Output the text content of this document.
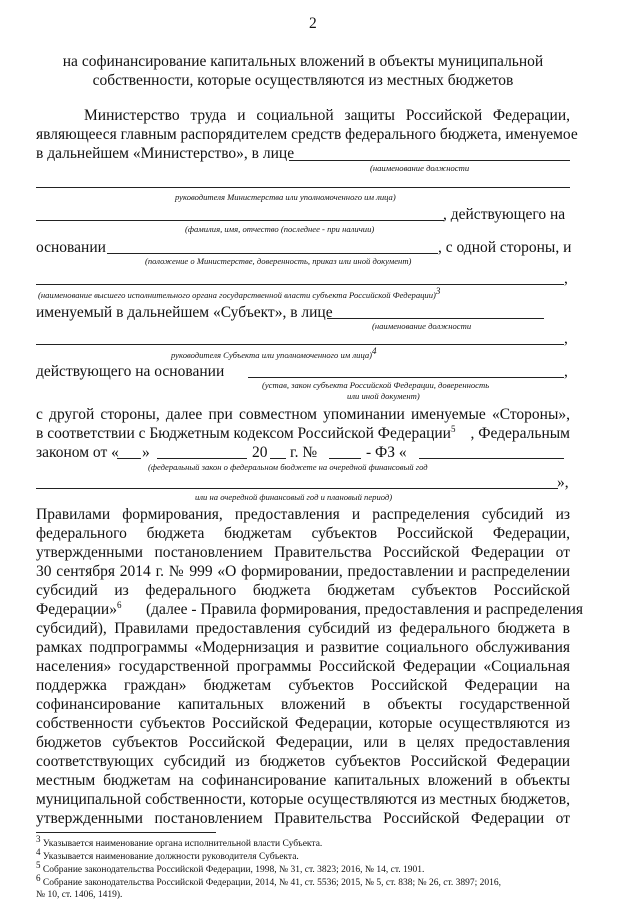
2
на софинансирование капитальных вложений в объекты муниципальной
собственности, которые осуществляются из местных бюджетов
Министерство труда и социальной защиты Российской Федерации,
являющееся главным распорядителем средств федерального бюджета, именуемое
в дальнейшем «Министерство», в лице
(наименование должности
руководителя Министерства или уполномоченного им лица)
, действующего на
(фамилия, имя, отчество (последнее - при наличии)
основании	, с одной стороны, и
(положение о Министерстве, доверенность, приказ или иной документ)
,
(наименование высшего исполнительного органа государственной власти субъекта Российской Федерации)$^3$
именуемый в дальнейшем «Субъект», в лице
(наименование должности
,
руководителя Субъекта или уполномоченного им лица)$^4$
действующего на основании	,
(устав, закон субъекта Российской Федерации, доверенность
или иной документ)
с другой стороны, далее при совместном упоминании именуемые «Стороны»,
в соответствии с Бюджетным кодексом Российской Федерации$^5$ , Федеральным
законом от « »	20 г. №	- ФЗ «
(федеральный закон о федеральном бюджете на очередной финансовый год
»,
или на очередной финансовый год и плановый период)
Правилами формирования, предоставления и распределения субсидий из
федерального бюджета бюджетам субъектов Российской Федерации,
утвержденными постановлением Правительства Российской Федерации от
30 сентября 2014 г. № 999 «О формировании, предоставлении и распределении
субсидий из федерального бюджета бюджетам субъектов Российской
Федерации»$^6$ (далее - Правила формирования, предоставления и распределения
субсидий), Правилами предоставления субсидий из федерального бюджета в
рамках подпрограммы «Модернизация и развитие социального обслуживания
населения» государственной программы Российской Федерации «Социальная
поддержка граждан» бюджетам субъектов Российской Федерации на
софинансирование капитальных вложений в объекты государственной
собственности субъектов Российской Федерации, которые осуществляются из
бюджетов субъектов Российской Федерации, или в целях предоставления
соответствующих субсидий из бюджетов субъектов Российской Федерации
местным бюджетам на софинансирование капитальных вложений в объекты
муниципальной собственности, которые осуществляются из местных бюджетов,
утвержденными постановлением Правительства Российской Федерации от
$^3$ Указывается наименование органа исполнительной власти Субъекта.
$^4$ Указывается наименование должности руководителя Субъекта.
$^5$ Собрание законодательства Российской Федерации, 1998, № 31, ст. 3823; 2016, № 14, ст. 1901.
$^6$ Собрание законодательства Российской Федерации, 2014, № 41, ст. 5536; 2015, № 5, ст. 838; № 26, ст. 3897; 2016,
№ 10, ст. 1406, 1419).
